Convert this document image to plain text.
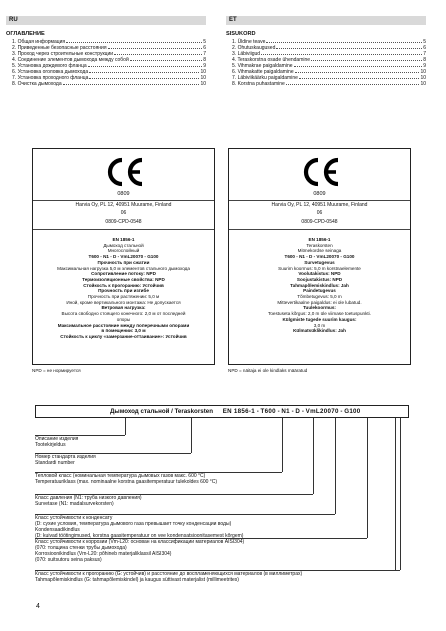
RU
ОГЛАВЛЕНИЕ
1. Общая информация	5
2. Приведенные безопасные расстояния	6
3. Проход через строительные конструкции	7
4. Соединение элементов дымохода между собой	8
5. Установка дождевого фланца	9
6. Установка оголовка дымохода	10
7. Установка проходного фланца	10
8. Очистка дымохода	10
ET
SISUKORD
1. Üldine teave	5
2. Ohutuskaugused	6
3. Läbiviigud	7
4. Teraskorstna osade ühendamine	8
5. Vihmakrae paigaldamine	9
6. Vihmakatte paigaldamine	10
7. Läbiviikäärku paigaldamine	10
8. Korstna puhastamine	10
0809
Harvia Oy, PL 12, 40951 Muurame, Finland
06
0809-CPD-0548
EN 1856-1
Дымоход стальной
Многослойный
T600 - N1 - D - VmL20070 - G100
Прочность при сжатии
Максимальная нагрузка 5,0 м элементов стального дымохода
Сопротивление потоку: NPD
Термоизоляционные свойства: NPD
Стойкость к прогоранию: Устойчив
Прочность при изгибе
Прочность при растяжении: 5,0 м
Иной, кроме вертикального монтажа: Не допускается
Ветровая нагрузка:
Высота свободно стоящего конечного: 2,0 м от последней
опоры
Максимальное расстояние между поперечными опорами
в помещении: 3,0 м
Стойкость к циклу «замерзание-оттаивание»: Устойчив
0809
Harvia Oy, PL 12, 40951 Muurame, Finland
06
0809-CPD-0548
EN 1856-1
Teraskorsten
Mitmekordse seinaga
T600 - N1 - D - VmL20070 - G100
Survetugevus
Suurim koormus: 5,0 m korstnaelemente
Voolutakistus: NPD
Soojustakistus: NPD
Tahmapõlemiskindlus: Jah
Paindetugevus
Tõmbetugevus: 5,0 m
Mittevertikaalne paigaldus: ei ole lubatud.
Tuulekoormus:
Toestuseta kõrgus: 2,0 m üle viimase toetuspunkti.
Külgmiste tugede suurim kaugus:
3,0 m
Külmatsüklikindlus: Jah
NPD = не нормируется	NPD = näitaja ei ole kindlaks määratud
Дымоход стальной / Teraskorsten EN 1856-1 - T600 - N1 - D - VmL20070 - G100
Описание изделия
Tootekirjeldus
Номер стандарта изделия
Standardi number
Тепловой класс (номинальная температура дымовых газов макс. 600 °C)
Temperatuuriklass (max. nominaalne korstna gaasitemperatuur tulekoldes 600 °C)
Класс давления (N1: труба низкого давления)
Survetase (N1: madalsurvekorsten)
Класс устойчивости к конденсату
(D: сухие условия, температура дымового газа превышает точку конденсации воды)
Kondensaadikindlus
(D: kuivad töötingimused, korstna gaasitemperatuur on vee kondensatsioonitasemest kõrgem)
Класс устойчивости к коррозии (Vm-L20: основан на классификации материалов AISI304)
(070: толщина стенки трубы дымохода)
Korrosioonikindlus (Vm-L20: põhineb materjaliklassil AISI304)
(070: suitsutoru seina paksus)
Класс устойчивости к прогоранию (G: устойчив) и расстояние до воспламеняющихся материалов (в миллиметрах)
Tahmapõlemiskindlus (G: tahmapõlemiskindel) ja kaugus süttivast materjalist (millimeetrites)
4
